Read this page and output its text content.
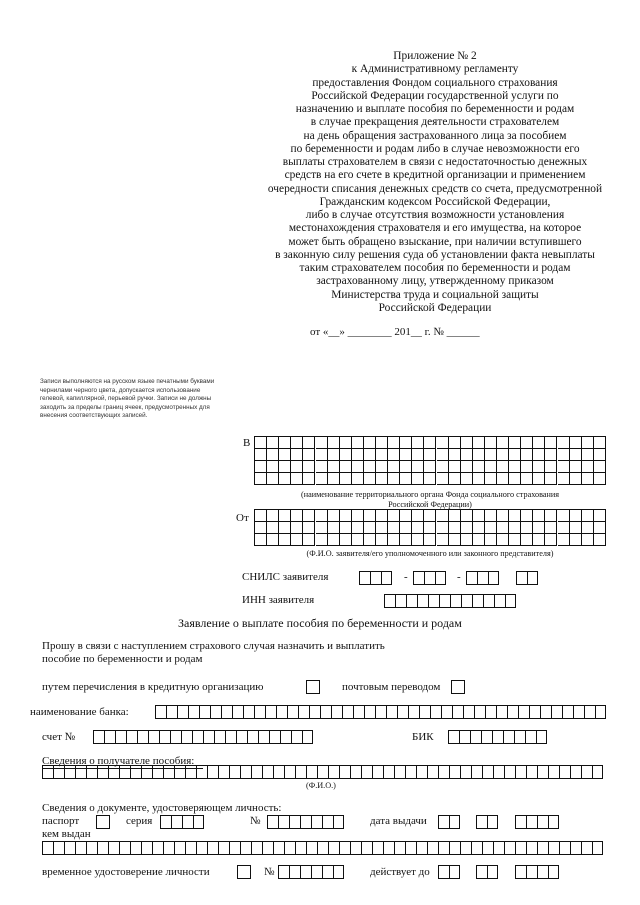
Приложение № 2
к Административному регламенту
предоставления Фондом социального страхования
Российской Федерации государственной услуги по
назначению и выплате пособия по беременности и родам
в случае прекращения деятельности страхователем
на день обращения застрахованного лица за пособием
по беременности и родам либо в случае невозможности его
выплаты страхователем в связи с недостаточностью денежных
средств на его счете в кредитной организации и применением
очередности списания денежных средств со счета, предусмотренной
Гражданским кодексом Российской Федерации,
либо в случае отсутствия возможности установления
местонахождения страхователя и его имущества, на которое
может быть обращено взыскание, при наличии вступившего
в законную силу решения суда об установлении факта невыплаты
таким страхователем пособия по беременности и родам
застрахованному лицу, утвержденному приказом
Министерства труда и социальной защиты
Российской Федерации
от «__» ________ 201__ г. № ______
Записи выполняются на русском языке печатными буквами чернилами черного цвета, допускается использование гелевой, капиллярной, перьевой ручки. Записи не должны заходить за пределы границ ячеек, предусмотренных для внесения соответствующих записей.
В
(наименование территориального органа Фонда социального страхования
Российской Федерации)
От
(Ф.И.О. заявителя/его уполномоченного или законного представителя)
СНИЛС заявителя	-	-
ИНН заявителя
Заявление о выплате пособия по беременности и родам
Прошу в связи с наступлением страхового случая назначить и выплатить
пособие по беременности и родам
путем перечисления в кредитную организацию	почтовым переводом
наименование банка:
счет №	БИК
Сведения о получателе пособия:
(Ф.И.О.)
Сведения о документе, удостоверяющем личность:
паспорт	серия	№	дата выдачи
кем выдан
временное удостоверение личности	№	действует до
